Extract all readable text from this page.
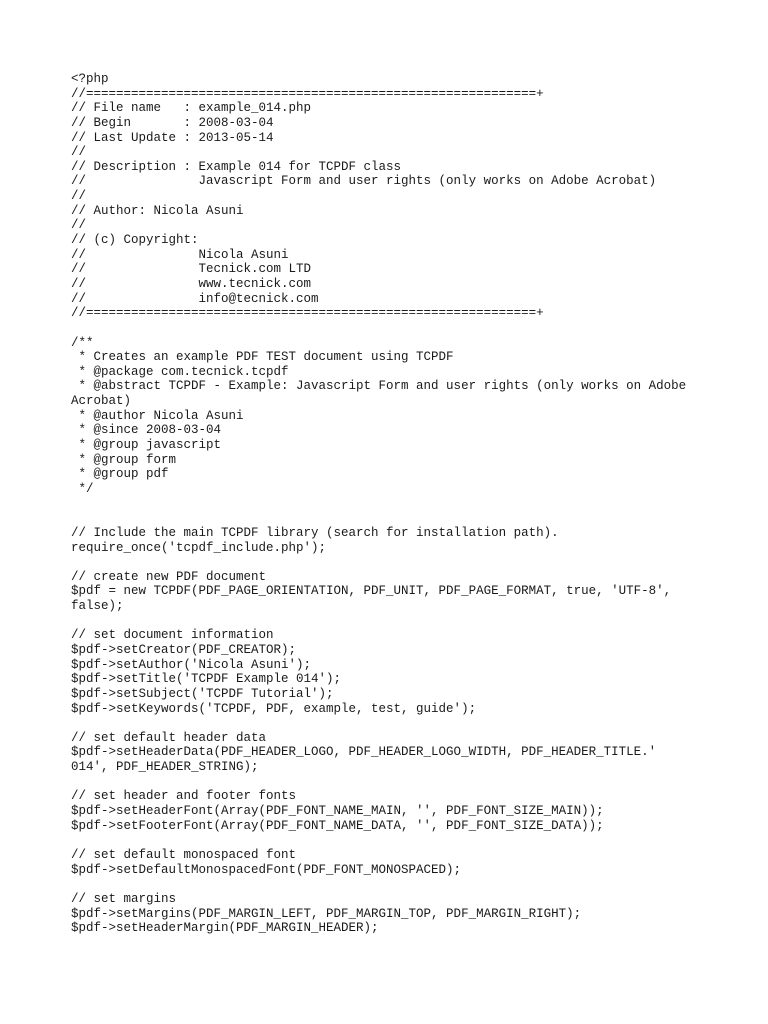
<?php
//============================================================+
// File name   : example_014.php
// Begin       : 2008-03-04
// Last Update : 2013-05-14
//
// Description : Example 014 for TCPDF class
//               Javascript Form and user rights (only works on Adobe Acrobat)
//
// Author: Nicola Asuni
//
// (c) Copyright:
//               Nicola Asuni
//               Tecnick.com LTD
//               www.tecnick.com
//               info@tecnick.com
//============================================================+
/**
* Creates an example PDF TEST document using TCPDF
* @package com.tecnick.tcpdf
* @abstract TCPDF - Example: Javascript Form and user rights (only works on Adobe
Acrobat)
* @author Nicola Asuni
* @since 2008-03-04
* @group javascript
* @group form
* @group pdf
*/
// Include the main TCPDF library (search for installation path).
require_once('tcpdf_include.php');
// create new PDF document
$pdf = new TCPDF(PDF_PAGE_ORIENTATION, PDF_UNIT, PDF_PAGE_FORMAT, true, 'UTF-8',
false);
// set document information
$pdf->setCreator(PDF_CREATOR);
$pdf->setAuthor('Nicola Asuni');
$pdf->setTitle('TCPDF Example 014');
$pdf->setSubject('TCPDF Tutorial');
$pdf->setKeywords('TCPDF, PDF, example, test, guide');
// set default header data
$pdf->setHeaderData(PDF_HEADER_LOGO, PDF_HEADER_LOGO_WIDTH, PDF_HEADER_TITLE.'
014', PDF_HEADER_STRING);
// set header and footer fonts
$pdf->setHeaderFont(Array(PDF_FONT_NAME_MAIN, '', PDF_FONT_SIZE_MAIN));
$pdf->setFooterFont(Array(PDF_FONT_NAME_DATA, '', PDF_FONT_SIZE_DATA));
// set default monospaced font
$pdf->setDefaultMonospacedFont(PDF_FONT_MONOSPACED);
// set margins
$pdf->setMargins(PDF_MARGIN_LEFT, PDF_MARGIN_TOP, PDF_MARGIN_RIGHT);
$pdf->setHeaderMargin(PDF_MARGIN_HEADER);
